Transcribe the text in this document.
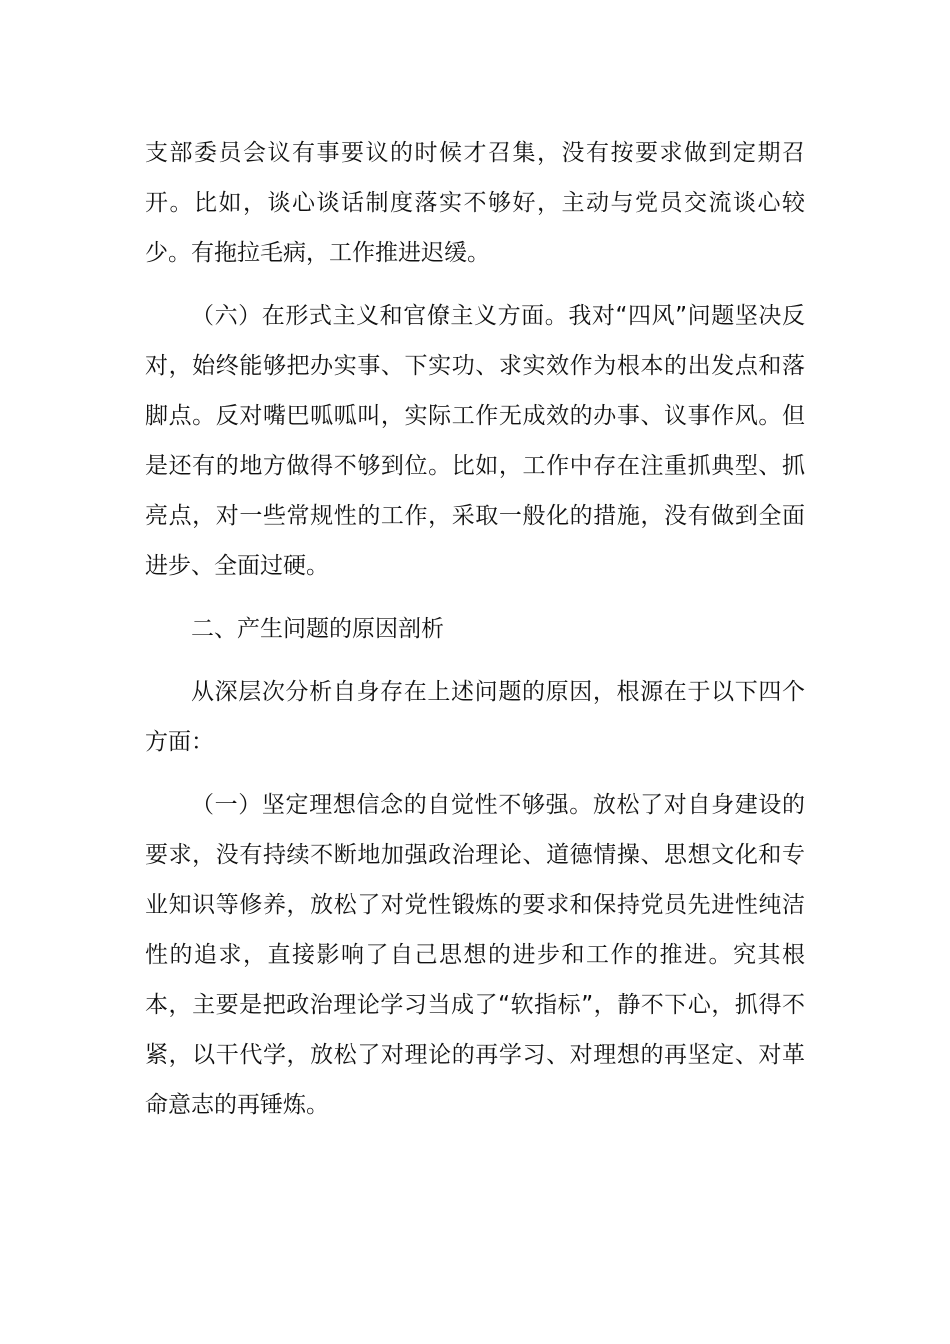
支部委员会议有事要议的时候才召集，没有按要求做到定期召开。比如，谈心谈话制度落实不够好，主动与党员交流谈心较少。有拖拉毛病，工作推进迟缓。

（六）在形式主义和官僚主义方面。我对“四风”问题坚决反对，始终能够把办实事、下实功、求实效作为根本的出发点和落脚点。反对嘴巴呱呱叫，实际工作无成效的办事、议事作风。但是还有的地方做得不够到位。比如，工作中存在注重抓典型、抓亮点，对一些常规性的工作，采取一般化的措施，没有做到全面进步、全面过硬。

二、产生问题的原因剖析

从深层次分析自身存在上述问题的原因，根源在于以下四个方面：

（一）坚定理想信念的自觉性不够强。放松了对自身建设的要求，没有持续不断地加强政治理论、道德情操、思想文化和专业知识等修养，放松了对党性锻炼的要求和保持党员先进性纯洁性的追求，直接影响了自己思想的进步和工作的推进。究其根本，主要是把政治理论学习当成了“软指标”，静不下心，抓得不紧，以干代学，放松了对理论的再学习、对理想的再坚定、对革命意志的再锤炼。
